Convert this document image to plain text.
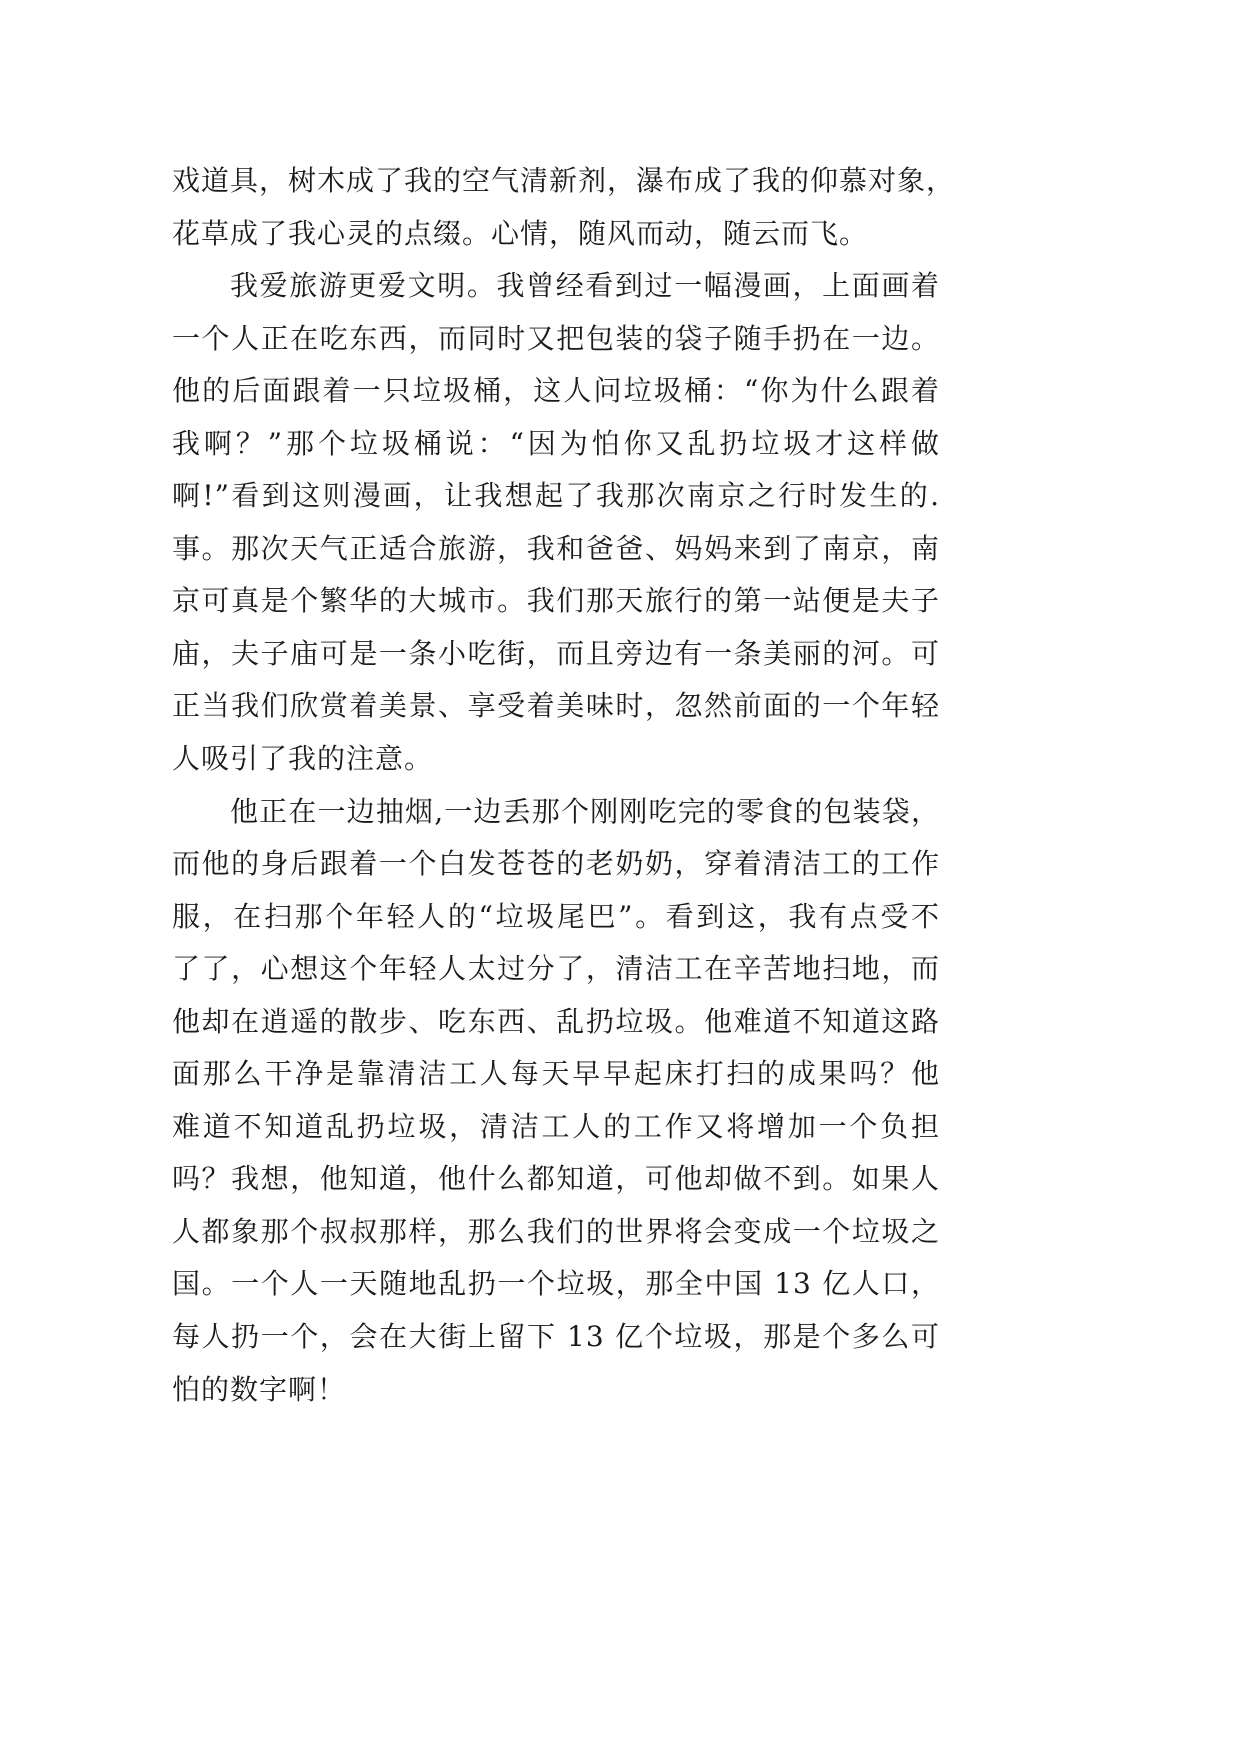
戏道具，树木成了我的空气清新剂，瀑布成了我的仰慕对象，
花草成了我心灵的点缀。心情，随风而动，随云而飞。
我爱旅游更爱文明。我曾经看到过一幅漫画，上面画着
一个人正在吃东西，而同时又把包装的袋子随手扔在一边。
他的后面跟着一只垃圾桶，这人问垃圾桶：“你为什么跟着
我啊？”那个垃圾桶说：“因为怕你又乱扔垃圾才这样做
啊!”看到这则漫画，让我想起了我那次南京之行时发生的.
事。那次天气正适合旅游，我和爸爸、妈妈来到了南京，南
京可真是个繁华的大城市。我们那天旅行的第一站便是夫子
庙，夫子庙可是一条小吃街，而且旁边有一条美丽的河。可
正当我们欣赏着美景、享受着美味时，忽然前面的一个年轻
人吸引了我的注意。
他正在一边抽烟,一边丢那个刚刚吃完的零食的包装袋，
而他的身后跟着一个白发苍苍的老奶奶，穿着清洁工的工作
服，在扫那个年轻人的“垃圾尾巴”。看到这，我有点受不
了了，心想这个年轻人太过分了，清洁工在辛苦地扫地，而
他却在逍遥的散步、吃东西、乱扔垃圾。他难道不知道这路
面那么干净是靠清洁工人每天早早起床打扫的成果吗？他
难道不知道乱扔垃圾，清洁工人的工作又将增加一个负担
吗？我想，他知道，他什么都知道，可他却做不到。如果人
人都象那个叔叔那样，那么我们的世界将会变成一个垃圾之
国。一个人一天随地乱扔一个垃圾，那全中国 13 亿人口，
每人扔一个，会在大街上留下 13 亿个垃圾，那是个多么可
怕的数字啊！
